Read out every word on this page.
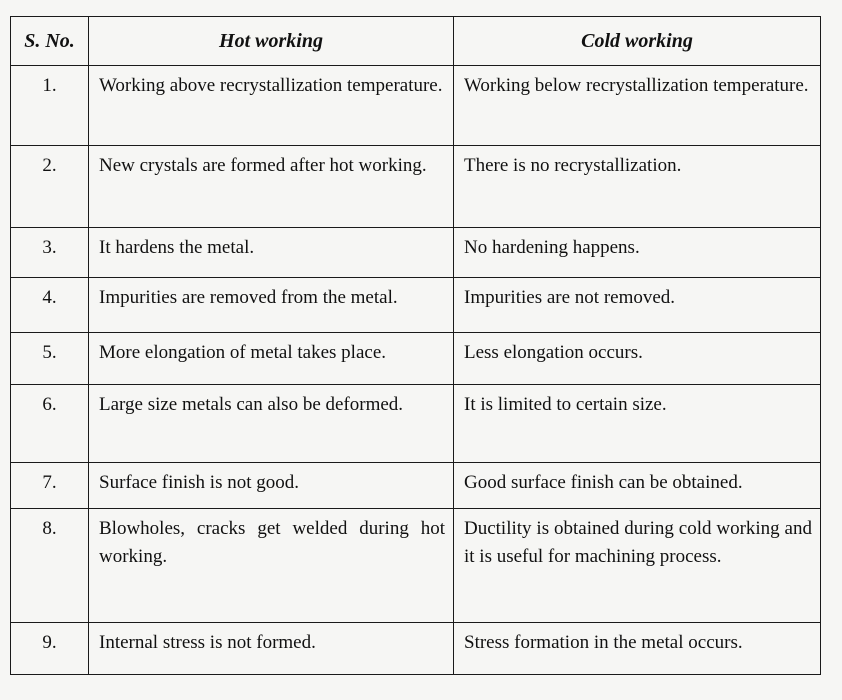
S. No.	Hot working	Cold working
1.	Working above recrystallization temperature.	Working below recrystallization temperature.
2.	New crystals are formed after hot working.	There is no recrystallization.
3.	It hardens the metal.	No hardening happens.
4.	Impurities are removed from the metal.	Impurities are not removed.
5.	More elongation of metal takes place.	Less elongation occurs.
6.	Large size metals can also be deformed.	It is limited to certain size.
7.	Surface finish is not good.	Good surface finish can be obtained.
8.	Blowholes, cracks get welded during hot working.	Ductility is obtained during cold working and it is useful for machining process.
9.	Internal stress is not formed.	Stress formation in the metal occurs.
